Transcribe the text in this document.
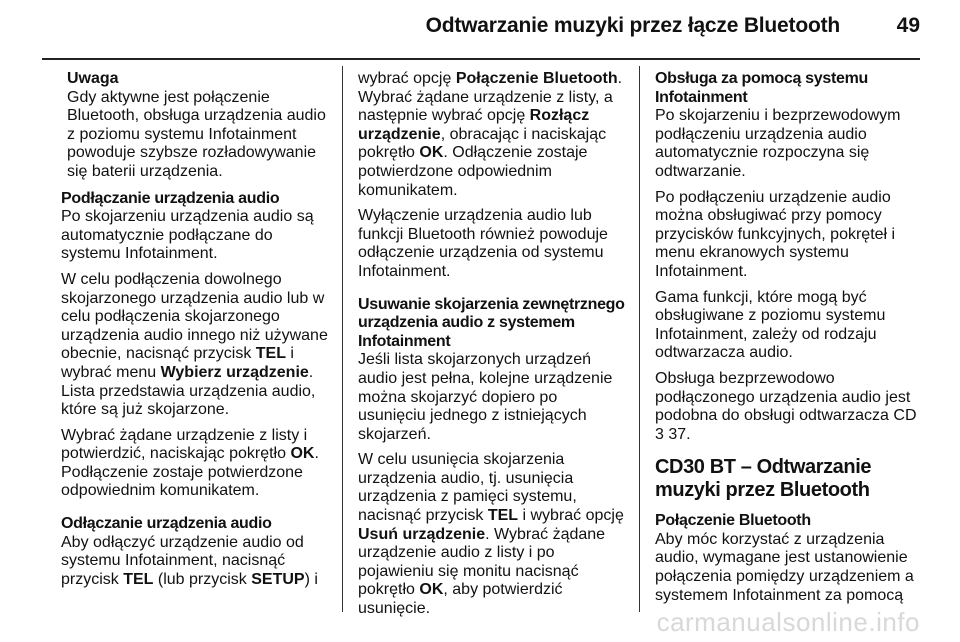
Odtwarzanie muzyki przez łącze Bluetooth	49

Uwaga
Gdy aktywne jest połączenie Bluetooth, obsługa urządzenia audio z poziomu systemu Infotainment powoduje szybsze rozładowywanie się baterii urządzenia.

Podłączanie urządzenia audio
Po skojarzeniu urządzenia audio są automatycznie podłączane do systemu Infotainment.

W celu podłączenia dowolnego skojarzonego urządzenia audio lub w celu podłączenia skojarzonego urządzenia audio innego niż używane obecnie, nacisnąć przycisk TEL i wybrać menu Wybierz urządzenie. Lista przedstawia urządzenia audio, które są już skojarzone.

Wybrać żądane urządzenie z listy i potwierdzić, naciskając pokrętło OK. Podłączenie zostaje potwierdzone odpowiednim komunikatem.

Odłączanie urządzenia audio
Aby odłączyć urządzenie audio od systemu Infotainment, nacisnąć przycisk TEL (lub przycisk SETUP) i

wybrać opcję Połączenie Bluetooth. Wybrać żądane urządzenie z listy, a następnie wybrać opcję Rozłącz urządzenie, obracając i naciskając pokrętło OK. Odłączenie zostaje potwierdzone odpowiednim komunikatem.

Wyłączenie urządzenia audio lub funkcji Bluetooth również powoduje odłączenie urządzenia od systemu Infotainment.

Usuwanie skojarzenia zewnętrznego urządzenia audio z systemem Infotainment
Jeśli lista skojarzonych urządzeń audio jest pełna, kolejne urządzenie można skojarzyć dopiero po usunięciu jednego z istniejących skojarzeń.

W celu usunięcia skojarzenia urządzenia audio, tj. usunięcia urządzenia z pamięci systemu, nacisnąć przycisk TEL i wybrać opcję Usuń urządzenie. Wybrać żądane urządzenie audio z listy i po pojawieniu się monitu nacisnąć pokrętło OK, aby potwierdzić usunięcie.

Obsługa za pomocą systemu Infotainment
Po skojarzeniu i bezprzewodowym podłączeniu urządzenia audio automatycznie rozpoczyna się odtwarzanie.

Po podłączeniu urządzenie audio można obsługiwać przy pomocy przycisków funkcyjnych, pokręteł i menu ekranowych systemu Infotainment.

Gama funkcji, które mogą być obsługiwane z poziomu systemu Infotainment, zależy od rodzaju odtwarzacza audio.

Obsługa bezprzewodowo podłączonego urządzenia audio jest podobna do obsługi odtwarzacza CD 3 37.

CD30 BT – Odtwarzanie muzyki przez Bluetooth

Połączenie Bluetooth
Aby móc korzystać z urządzenia audio, wymagane jest ustanowienie połączenia pomiędzy urządzeniem a systemem Infotainment za pomocą

carmanualsonline.info
